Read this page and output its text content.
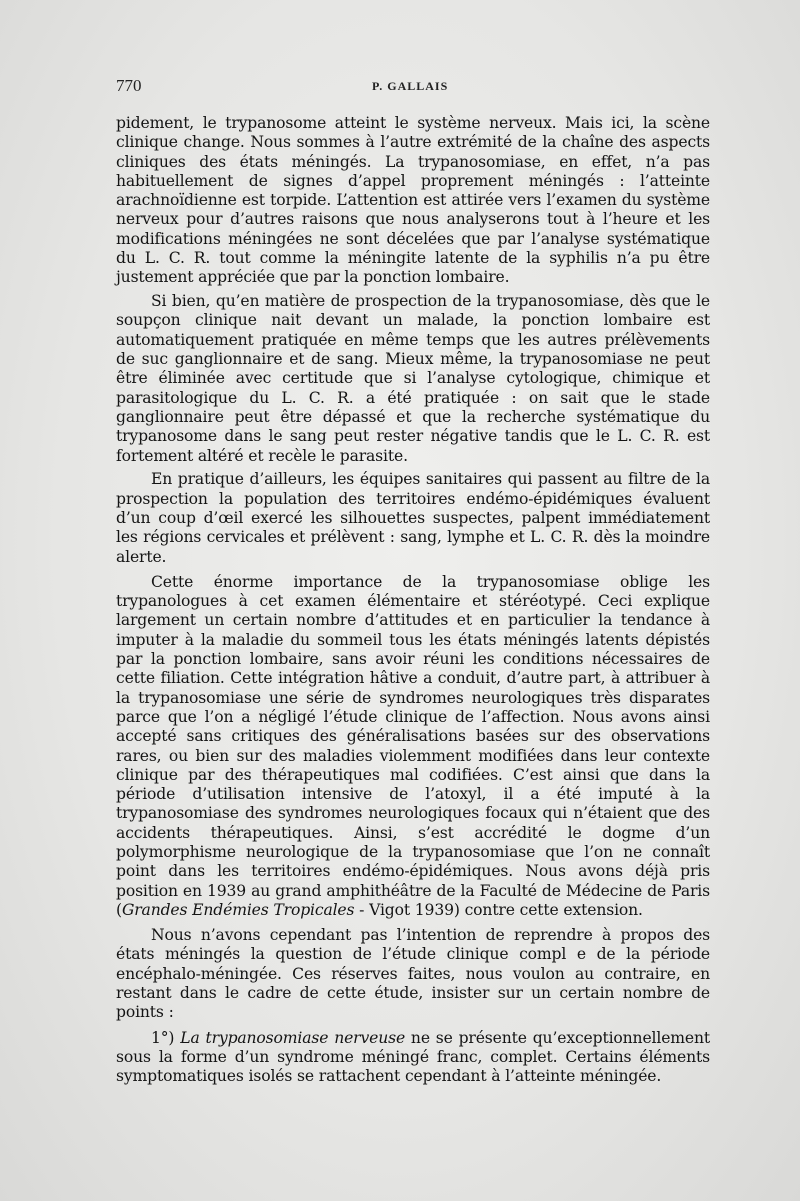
770	P. GALLAIS

pidement, le trypanosome atteint le système nerveux. Mais ici, la scène clinique change. Nous sommes à l’autre extrémité de la chaîne des aspects cliniques des états méningés. La trypanosomiase, en effet, n’a pas habituellement de signes d’appel proprement méningés : l’atteinte arachnoïdienne est torpide. L’attention est attirée vers l’examen du système nerveux pour d’autres raisons que nous analyserons tout à l’heure et les modifications méningées ne sont décelées que par l’analyse systématique du L. C. R. tout comme la méningite latente de la syphilis n’a pu être justement appréciée que par la ponction lombaire.

Si bien, qu’en matière de prospection de la trypanosomiase, dès que le soupçon clinique nait devant un malade, la ponction lombaire est automatiquement pratiquée en même temps que les autres prélèvements de suc ganglionnaire et de sang. Mieux même, la trypanosomiase ne peut être éliminée avec certitude que si l’analyse cytologique, chimique et parasitologique du L. C. R. a été pratiquée : on sait que le stade ganglionnaire peut être dépassé et que la recherche systématique du trypanosome dans le sang peut rester négative tandis que le L. C. R. est fortement altéré et recèle le parasite.

En pratique d’ailleurs, les équipes sanitaires qui passent au filtre de la prospection la population des territoires endémo-épidémiques évaluent d’un coup d’œil exercé les silhouettes suspectes, palpent immédiatement les régions cervicales et prélèvent : sang, lymphe et L. C. R. dès la moindre alerte.

Cette énorme importance de la trypanosomiase oblige les trypanologues à cet examen élémentaire et stéréotypé. Ceci explique largement un certain nombre d’attitudes et en particulier la tendance à imputer à la maladie du sommeil tous les états méningés latents dépistés par la ponction lombaire, sans avoir réuni les conditions nécessaires de cette filiation. Cette intégration hâtive a conduit, d’autre part, à attribuer à la trypanosomiase une série de syndromes neurologiques très disparates parce que l’on a négligé l’étude clinique de l’affection. Nous avons ainsi accepté sans critiques des généralisations basées sur des observations rares, ou bien sur des maladies violemment modifiées dans leur contexte clinique par des thérapeutiques mal codifiées. C’est ainsi que dans la période d’utilisation intensive de l’atoxyl, il a été imputé à la trypanosomiase des syndromes neurologiques focaux qui n’étaient que des accidents thérapeutiques. Ainsi, s’est accrédité le dogme d’un polymorphisme neurologique de la trypanosomiase que l’on ne connaît point dans les territoires endémo-épidémiques. Nous avons déjà pris position en 1939 au grand amphithéâtre de la Faculté de Médecine de Paris (Grandes Endémies Tropicales - Vigot 1939) contre cette extension.

Nous n’avons cependant pas l’intention de reprendre à propos des états méningés la question de l’étude clinique compl e de la période encéphalo-méningée. Ces réserves faites, nous voulon au contraire, en restant dans le cadre de cette étude, insister sur un certain nombre de points :

1°) La trypanosomiase nerveuse ne se présente qu’exceptionnellement sous la forme d’un syndrome méningé franc, complet. Certains éléments symptomatiques isolés se rattachent cependant à l’atteinte méningée.
